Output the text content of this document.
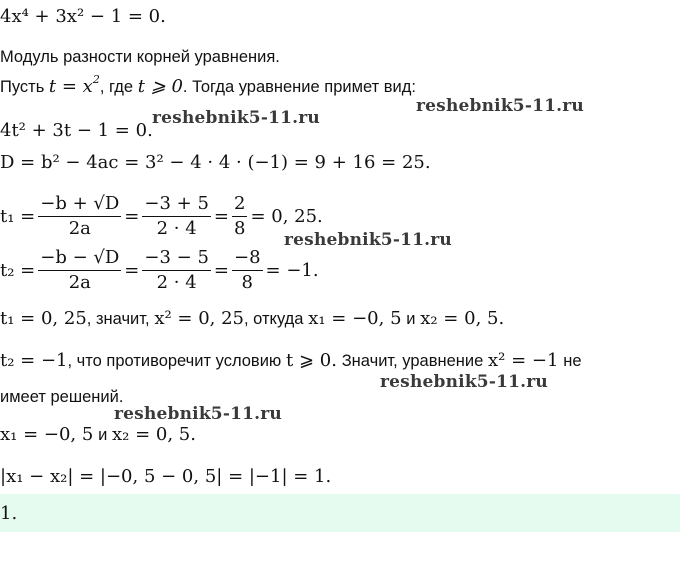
4x⁴ + 3x² − 1 = 0.
Модуль разности корней уравнения.
Пусть $t = x^2$, где t ⩾ 0. Тогда уравнение примет вид:
4t² + 3t − 1 = 0.
D = b² − 4ac = 3² − 4 · 4 · (−1) = 9 + 16 = 25.
$t_1 = \frac{-b + √D}{2a} = \frac{-3 + 5}{2 \cdot 4} = \frac{2}{8} = 0$, 25.
$t_2 = \frac{-b - √D}{2a} = \frac{-3 - 5}{2 \cdot 4} = \frac{-8}{8} = -1$.
t₁ = 0, 25, значит, x² = 0, 25, откуда x₁ = −0, 5 и x₂ = 0, 5.
t₂ = −1, что противоречит условию t ⩾ 0. Значит, уравнение x² = −1 не
имеет решений.
x₁ = −0, 5 и x₂ = 0, 5.
|x₁ − x₂| = |−0, 5 − 0, 5| = |−1| = 1.
1.
reshebnik5-11.ru
reshebnik5-11.ru
reshebnik5-11.ru
reshebnik5-11.ru
reshebnik5-11.ru
